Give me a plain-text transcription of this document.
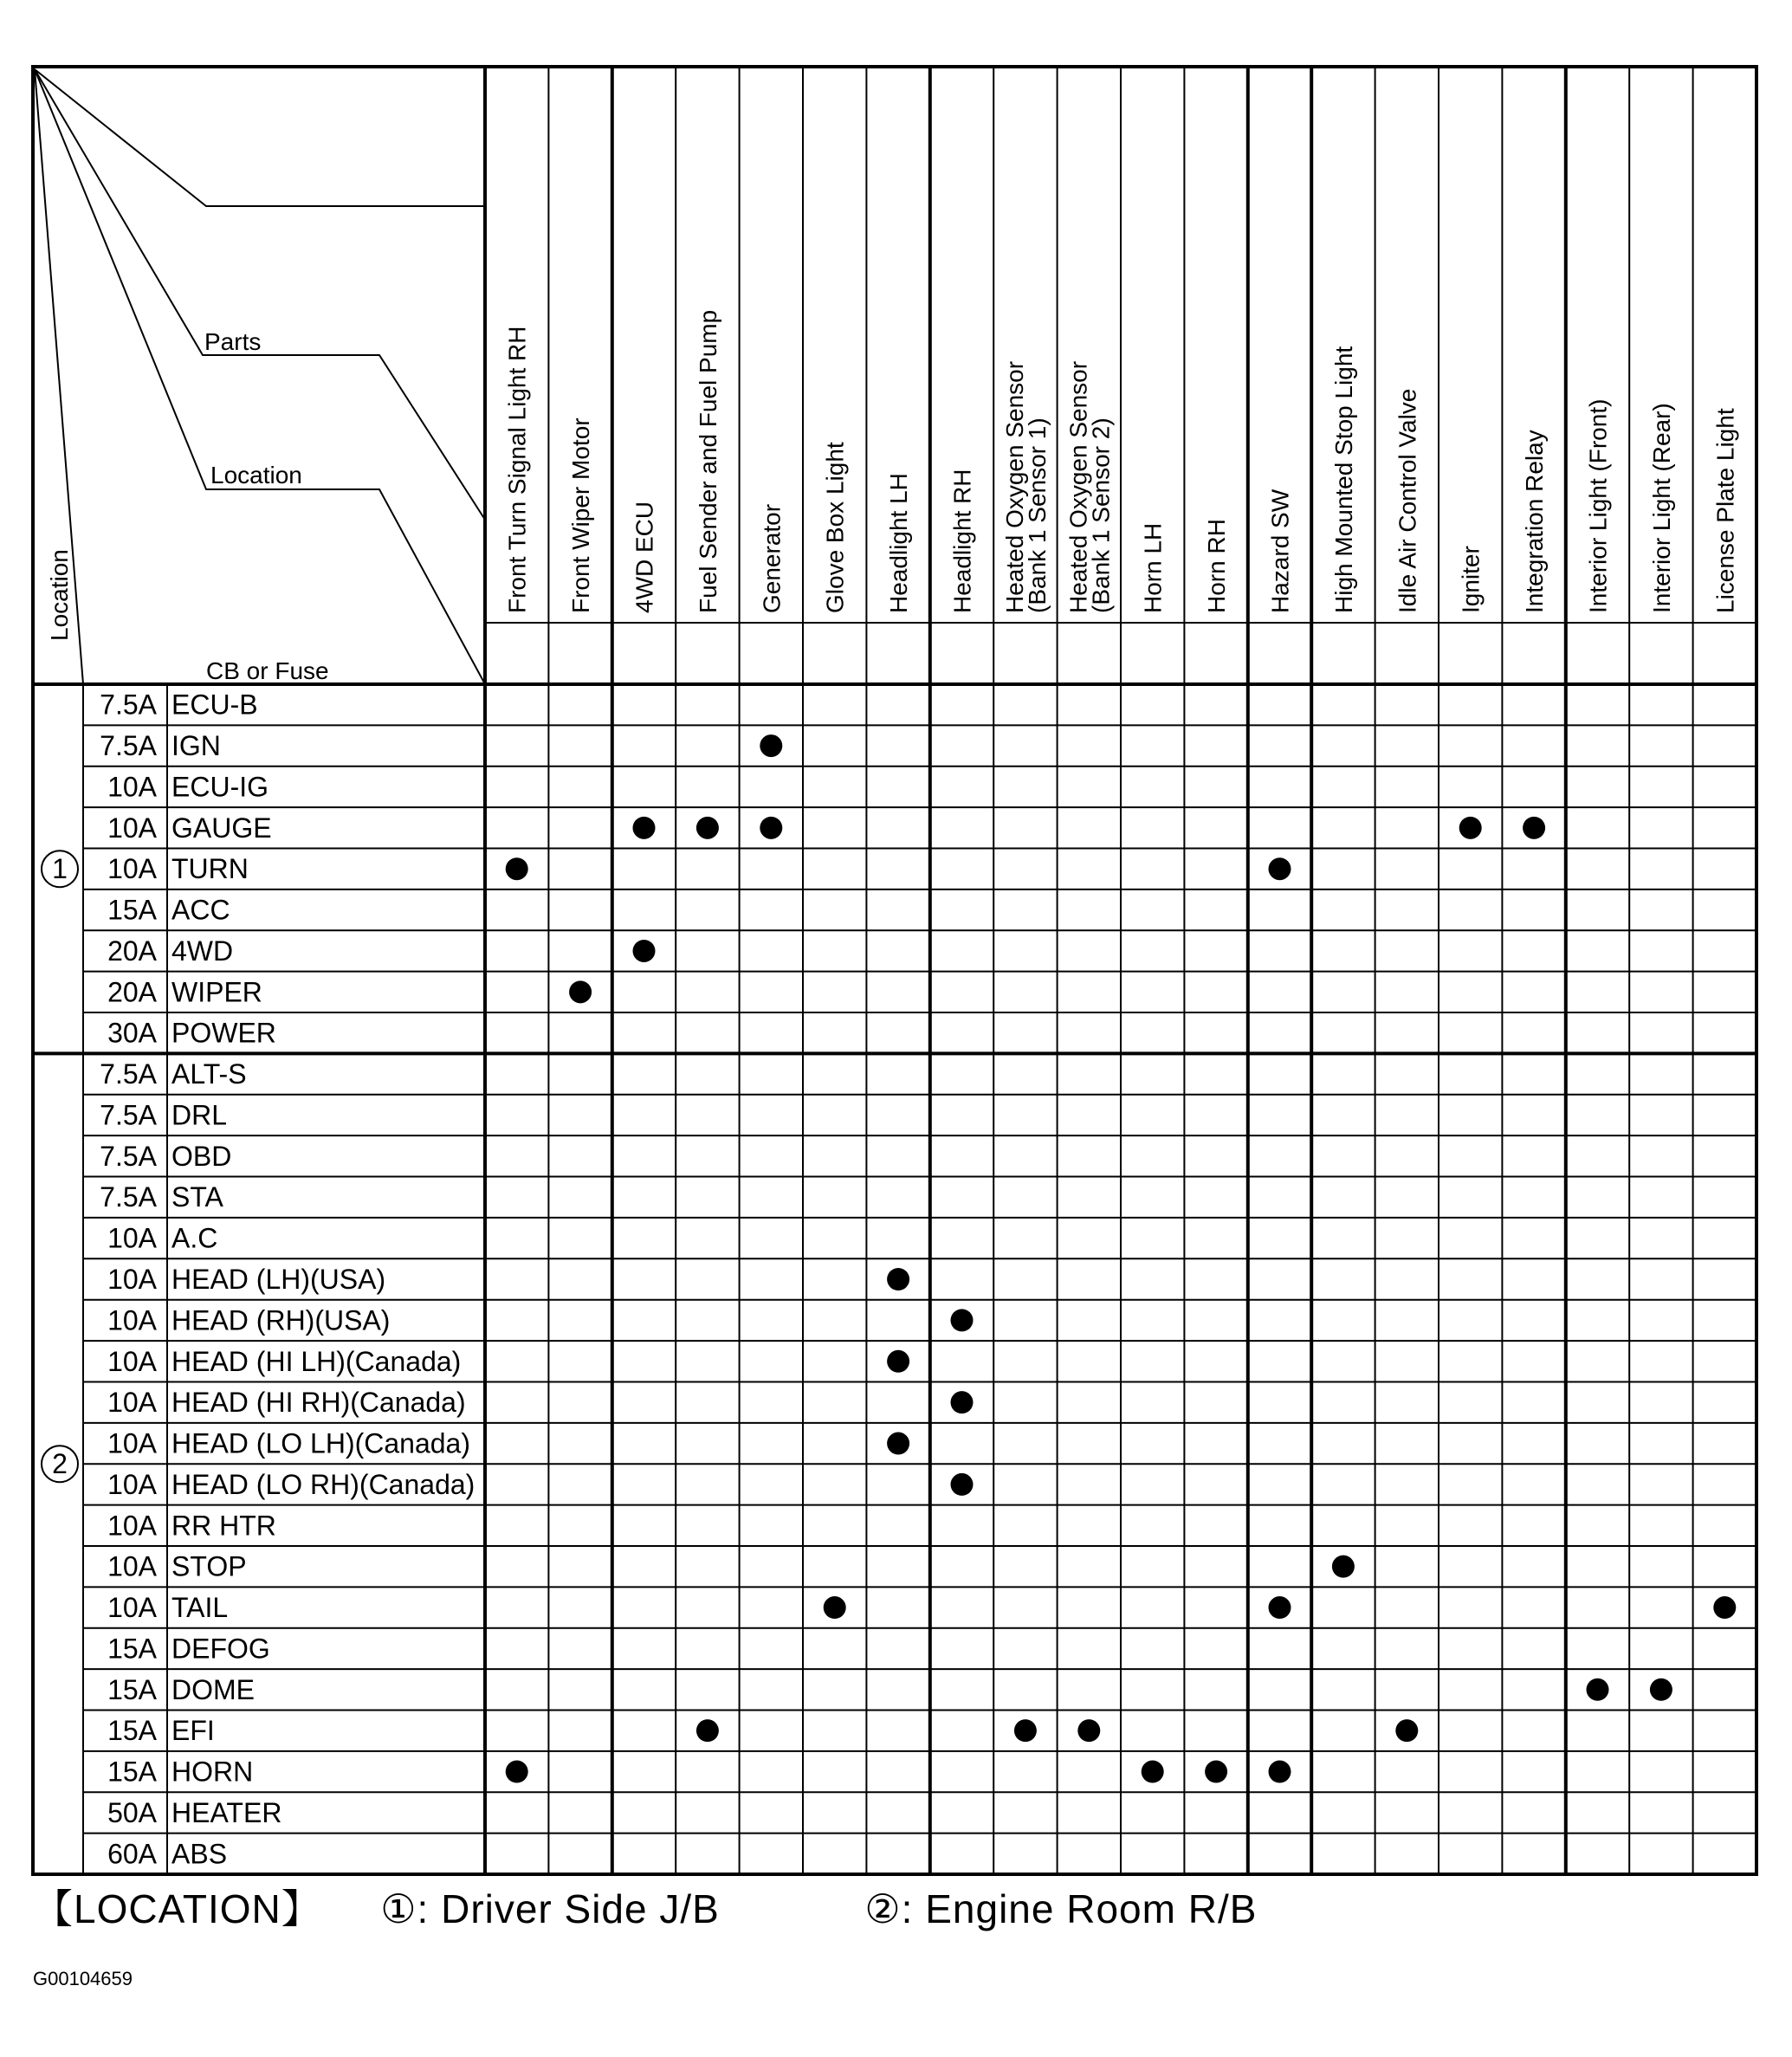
Parts
Location
Location
CB or Fuse
Front Turn Signal Light RH Front Wiper Motor 4WD ECU Fuel Sender and Fuel Pump Generator Glove Box Light Headlight LH Headlight RH Heated Oxygen Sensor
(Bank 1 Sensor 1) Heated Oxygen Sensor
(Bank 1 Sensor 2) Horn LH Horn RH Hazard SW High Mounted Stop Light Idle Air Control Valve Igniter Integration Relay Interior Light (Front) Interior Light (Rear) License Plate Light
7.5A ECU-B
7.5A IGN
10A ECU-IG
10A GAUGE
10A TURN
15A ACC
20A 4WD
20A WIPER
30A POWER
7.5A ALT-S
7.5A DRL
7.5A OBD
7.5A STA
10A A.C
10A HEAD (LH)(USA)
10A HEAD (RH)(USA)
10A HEAD (HI LH)(Canada)
10A HEAD (HI RH)(Canada)
10A HEAD (LO LH)(Canada)
10A HEAD (LO RH)(Canada)
10A RR HTR
10A STOP
10A TAIL
15A DEFOG
15A DOME
15A EFI
15A HORN
50A HEATER
60A ABS
1
2
【LOCATION】 ①: Driver Side J/B	②: Engine Room R/B
G00104659
